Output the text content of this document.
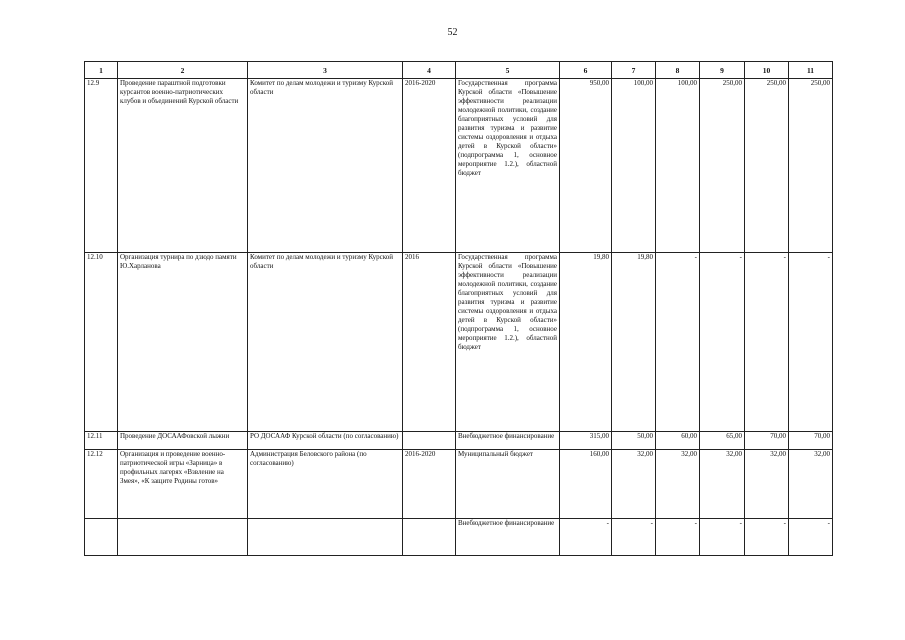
52
1	2	3	4	5	6	7	8	9	10	11
12.9	Проведение параштной подготовки курсантов военно-патриотических клубов и объединений Курской области	Комитет по делам молодежи и туризму Курской области	2016-2020	Государственная программа Курской области «Повышение эффективности реализации молодежной политики, создание благоприятных условий для развития туризма и развитие системы оздоровления и отдыха детей в Курской области» (подпрограмма 1, основное мероприятие 1.2.), областной бюджет	950,00	100,00	100,00	250,00	250,00	250,00
12.10	Организация турнира по дзюдо памяти Ю.Харланова	Комитет по делам молодежи и туризму Курской области	2016	Государственная программа Курской области «Повышение эффективности реализации молодежной политики, создание благоприятных условий для развития туризма и развитие системы оздоровления и отдыха детей в Курской области» (подпрограмма 1, основное мероприятие 1.2.), областной бюджет	19,80	19,80	-	-	-	-
12.11	Проведение ДОСААФовской лыжни	РО ДОСААФ Курской области (по согласованию)		Внебюджетное финансирование	315,00	50,00	60,00	65,00	70,00	70,00
12.12	Организация и проведение военно-патриотической игры «Зарница» в профильных лагерях «Взвление на Змея», «К защите Родины готов»	Администрация Беловского района (по согласованию)	2016-2020	Муниципальный бюджет	160,00	32,00	32,00	32,00	32,00	32,00
				Внебюджетное финансирование	-	-	-	-	-	-
